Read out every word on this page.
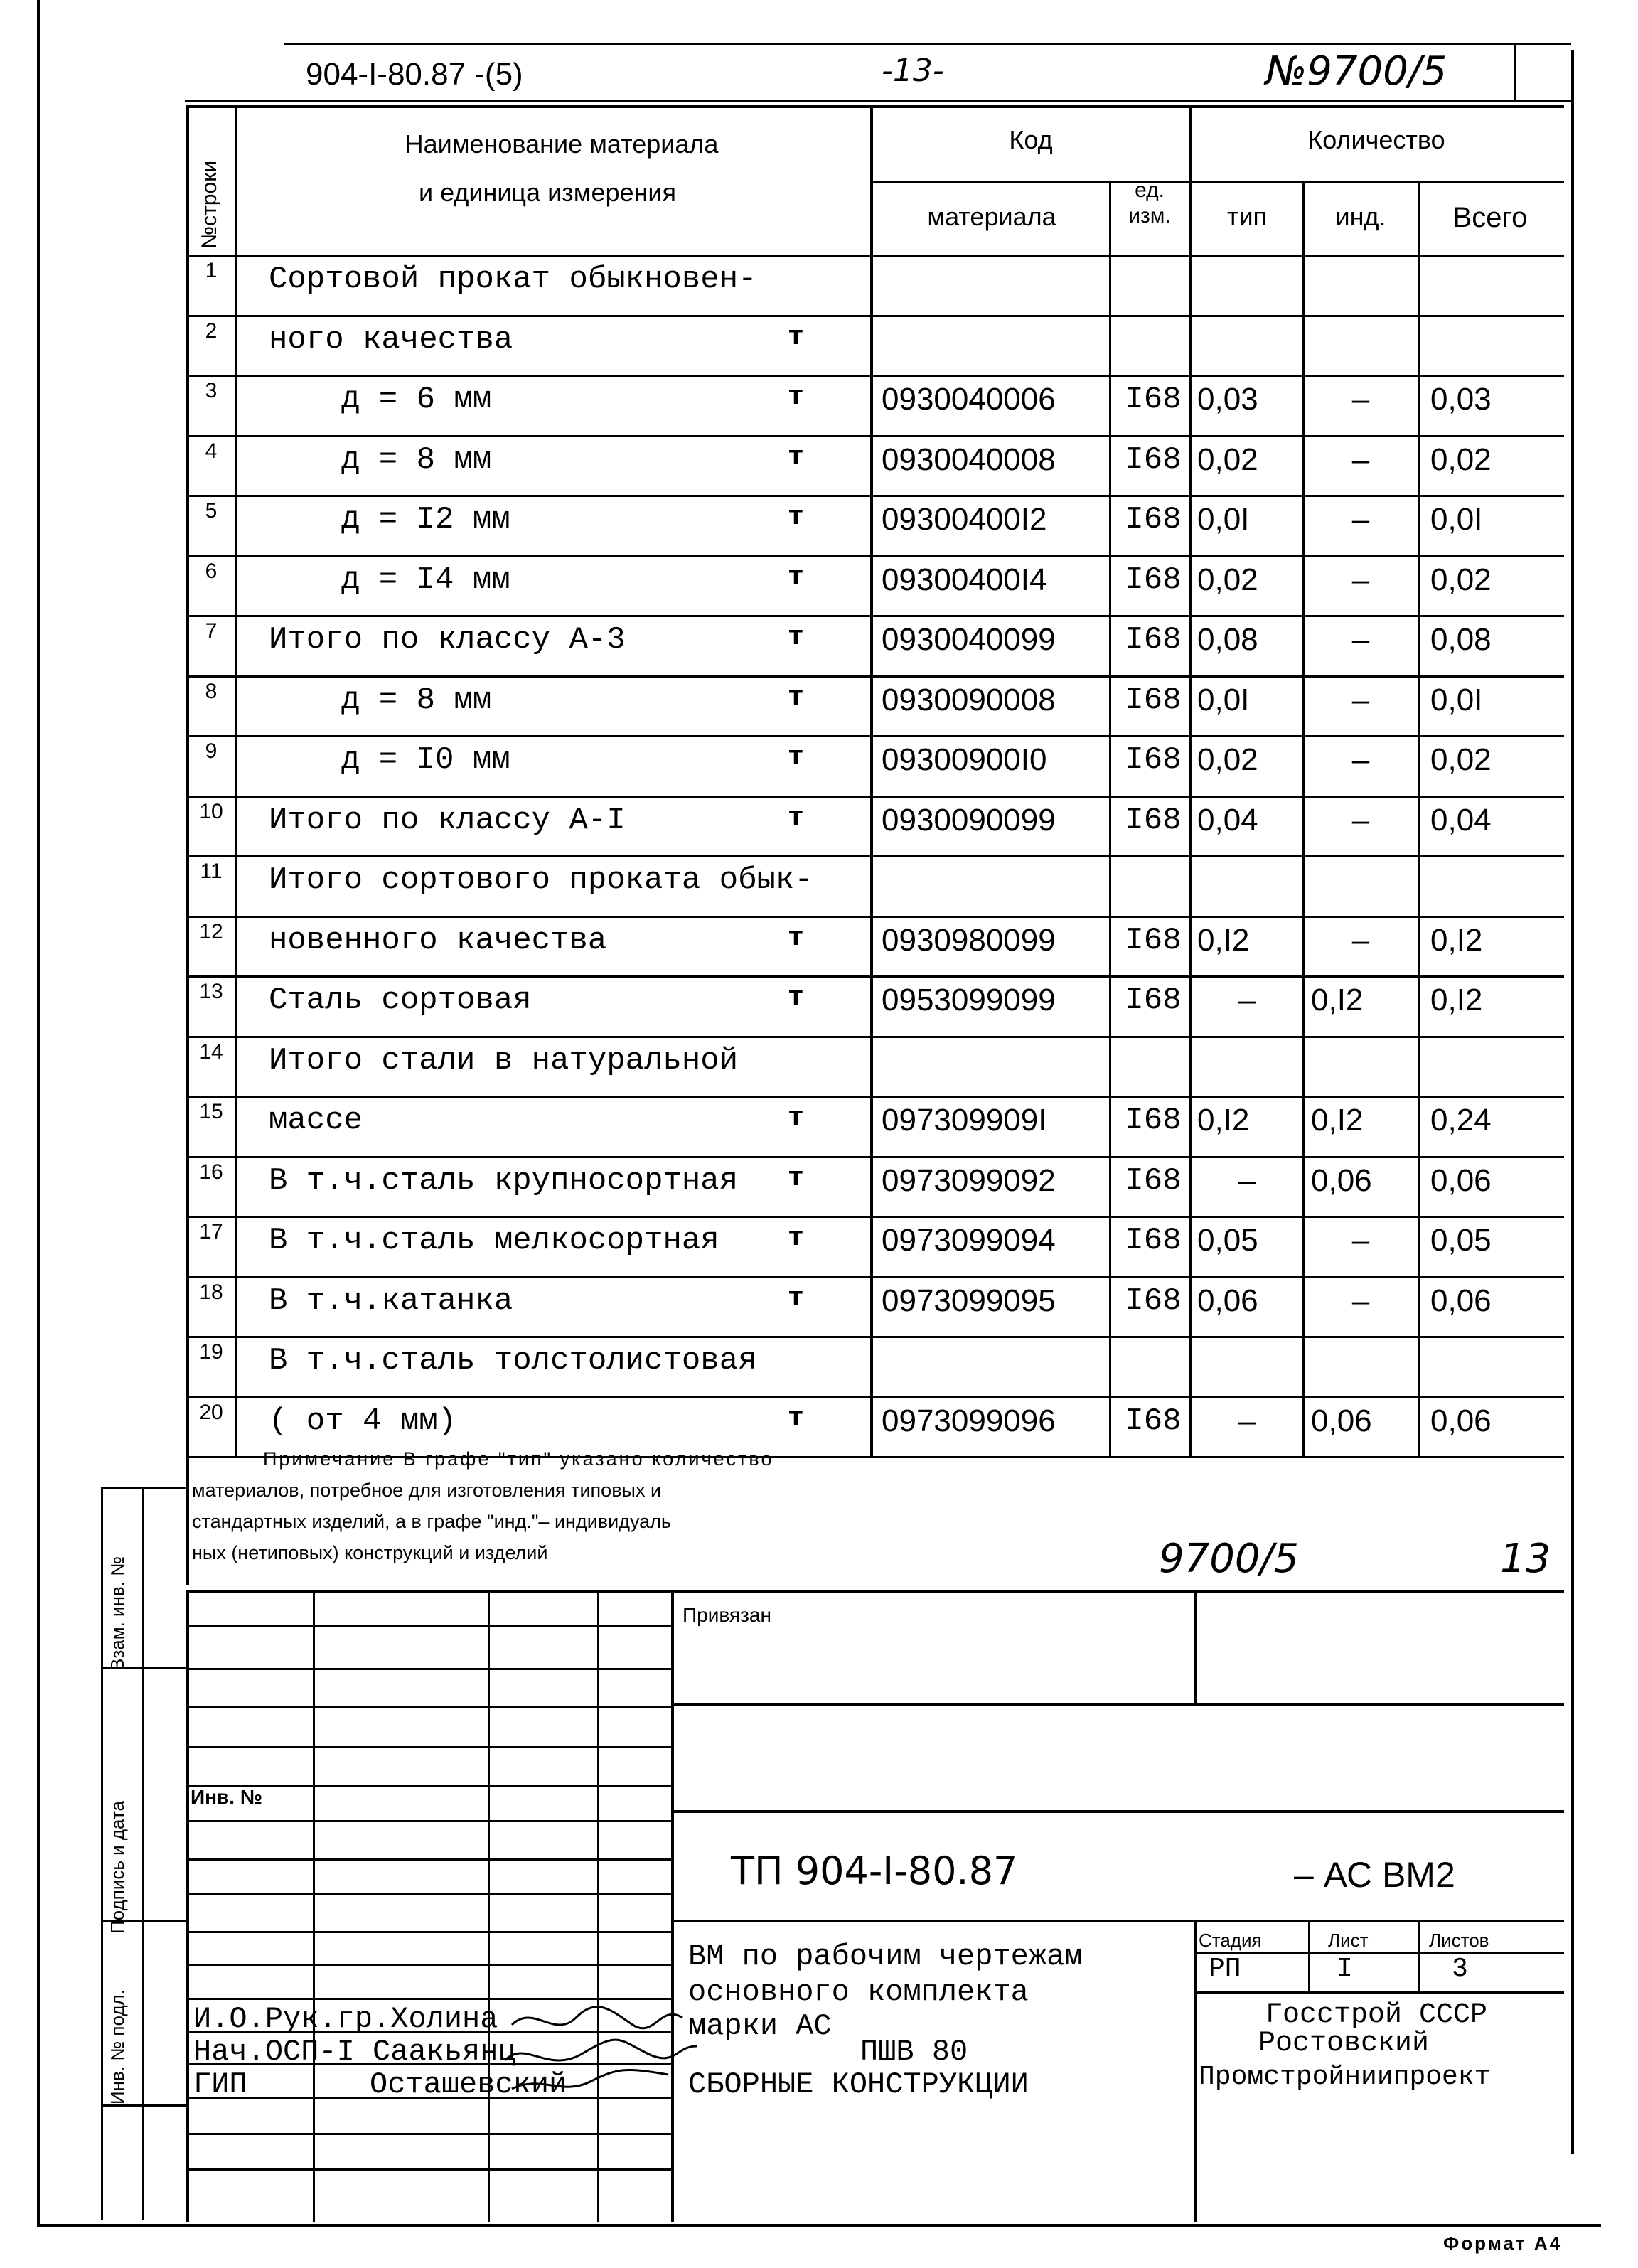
904-I-80.87 -(5)	-13-	№9700/5
№строки
Наименование материала
и единица измерения
Код	Количество
материала
ед. изм.	тип	инд.	Всего
1	Сортовой прокат обыкновен-
2	ного качества	т
3	д = 6 мм	т 0930040006	I68 0,03	–	0,03
4	д = 8 мм	т 0930040008	I68 0,02	–	0,02
5	д = I2 мм	т 09300400I2	I68 0,0I	–	0,0I
6	д = I4 мм	т 09300400I4	I68 0,02	–	0,02
7	Итого по классу А-3	т 0930040099	I68 0,08	–	0,08
8	д = 8 мм	т 0930090008	I68 0,0I	–	0,0I
9	д = I0 мм	т 09300900I0	I68 0,02	–	0,02
10	Итого по классу А-I	т 0930090099	I68 0,04	–	0,04
11	Итого сортового проката обык-
12	новенного качества	т 0930980099	I68 0,I2	–	0,I2
13	Сталь сортовая	т 0953099099	I68	–	0,I2	0,I2
14	Итого стали в натуральной
15	массе	т 097309909I	I68 0,I2	0,I2	0,24
16	В т.ч.сталь крупносортная т 0973099092	I68	–	0,06	0,06
17	В т.ч.сталь мелкосортная	т 0973099094	I68 0,05	–	0,05
18	В т.ч.катанка	т 0973099095	I68 0,06	–	0,06
19	В т.ч.сталь толстолистовая
20	( от 4 мм)	т 0973099096	I68	–	0,06	0,06
Примечание В графе "тип" указано количество
материалов, потребное для изготовления типовых и
стандартных изделий, а в графе "инд."– индивидуаль
ных (нетиповых) конструкций и изделий	9700/5	13
Привязан
Инв. №
ТП 904-I-80.87	– АС ВМ2
ВМ по рабочим чертежам
основного комплекта
марки АС
ПШВ 80
СБОРНЫЕ КОНСТРУКЦИИ
Стадия	Лист	Листов
РП	I	3
Госстрой СССР
Ростовский
Промстройниипроект
И.О.Рук.гр.Холина
Нач.ОСП-I Саакьянц
ГИП	Осташевский
Взам. инв. №
Подпись и дата
Инв. № подл.
Формат А4
